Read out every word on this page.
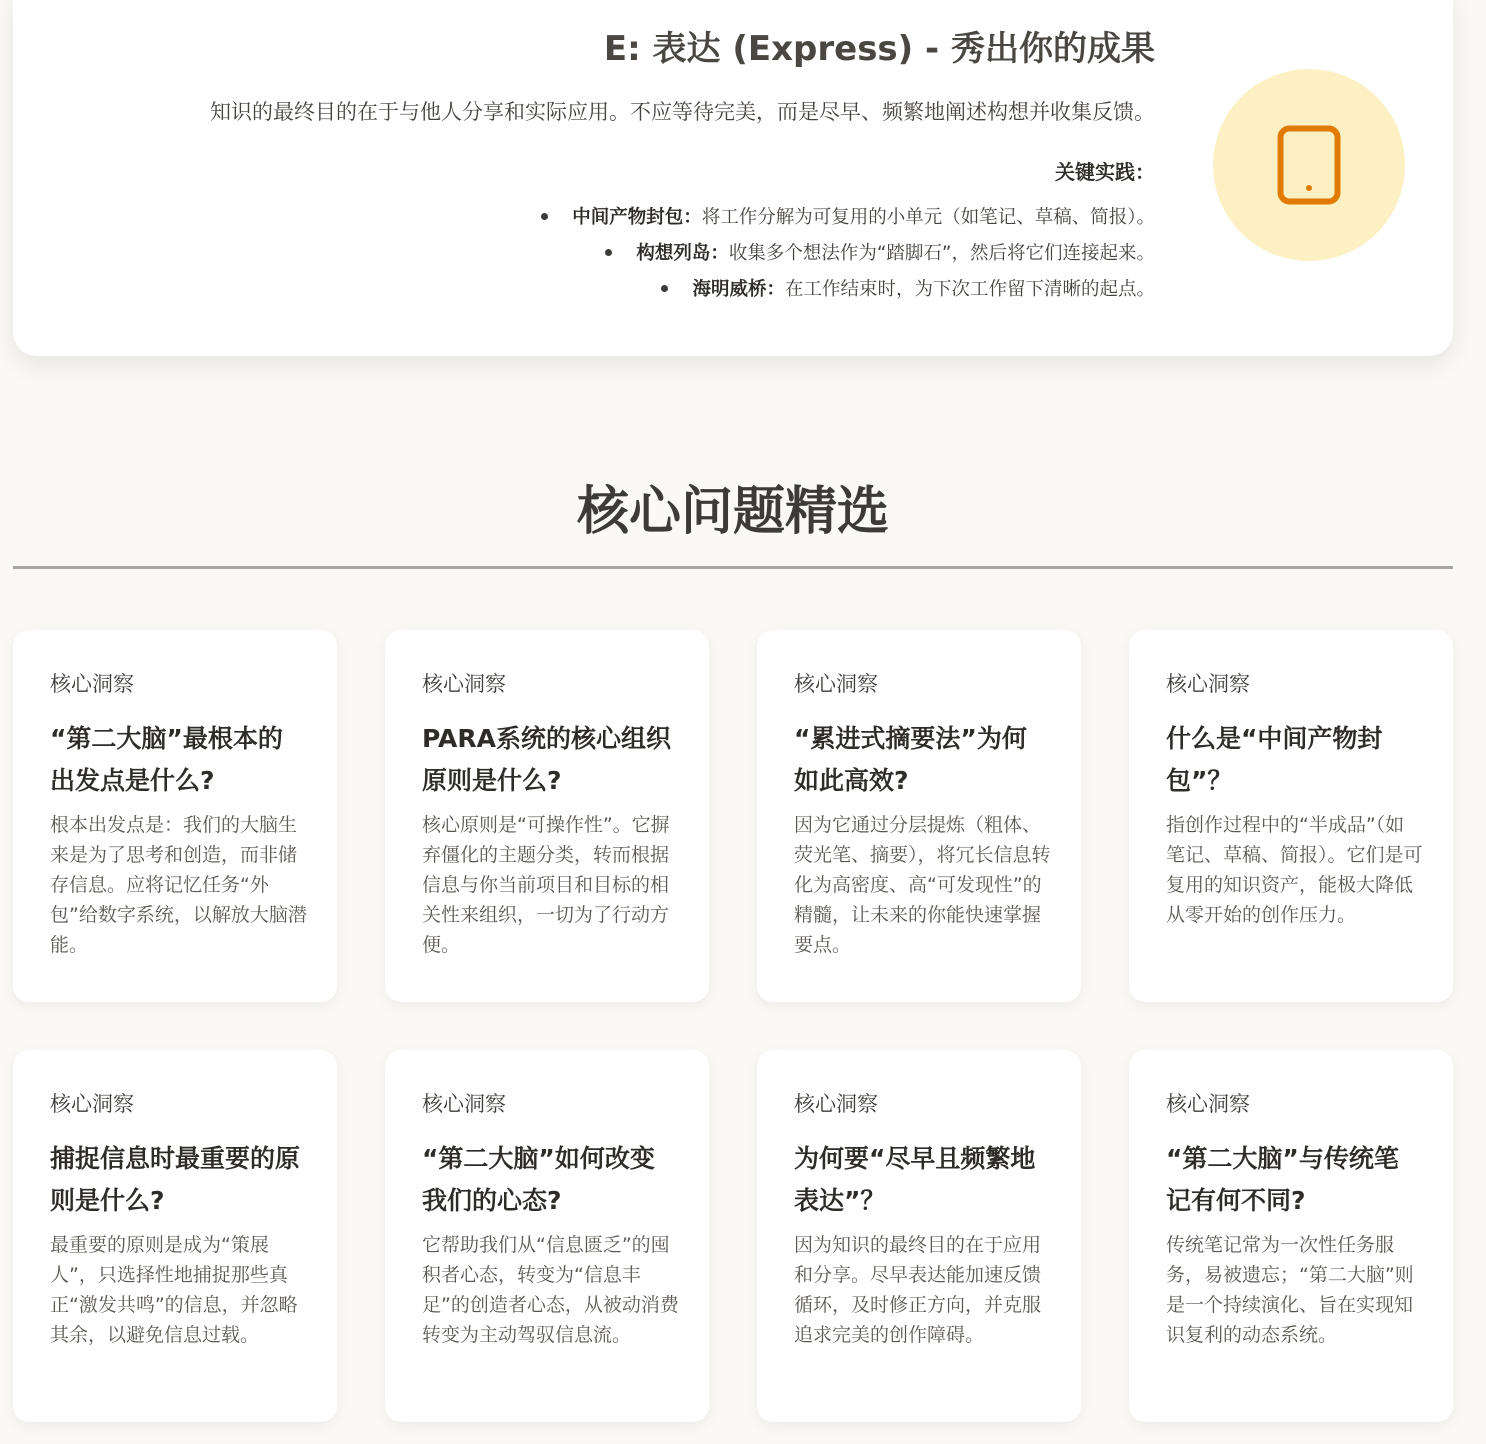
E: 表达 (Express) - 秀出你的成果

知识的最终目的在于与他人分享和实际应用。不应等待完美，而是尽早、频繁地阐述构想并收集反馈。

关键实践：
中间产物封包：将工作分解为可复用的小单元（如笔记、草稿、简报）。
构想列岛：收集多个想法作为“踏脚石”，然后将它们连接起来。
海明威桥：在工作结束时，为下次工作留下清晰的起点。
核心问题精选
核心洞察
“第二大脑”最根本的出发点是什么?

根本出发点是：我们的大脑生来是为了思考和创造，而非储存信息。应将记忆任务“外包”给数字系统，以解放大脑潜能。

核心洞察
PARA系统的核心组织原则是什么?

核心原则是“可操作性”。它摒弃僵化的主题分类，转而根据信息与你当前项目和目标的相关性来组织，一切为了行动方便。

核心洞察
“累进式摘要法”为何如此高效?

因为它通过分层提炼（粗体、荧光笔、摘要），将冗长信息转化为高密度、高“可发现性”的精髓，让未来的你能快速掌握要点。

核心洞察
什么是“中间产物封包”？

指创作过程中的“半成品”（如笔记、草稿、简报）。它们是可复用的知识资产，能极大降低从零开始的创作压力。

核心洞察
捕捉信息时最重要的原则是什么?

最重要的原则是成为“策展人”，只选择性地捕捉那些真正“激发共鸣”的信息，并忽略其余，以避免信息过载。

核心洞察
“第二大脑”如何改变我们的心态?

它帮助我们从“信息匮乏”的囤积者心态，转变为“信息丰足”的创造者心态，从被动消费转变为主动驾驭信息流。

核心洞察
为何要“尽早且频繁地表达”？

因为知识的最终目的在于应用和分享。尽早表达能加速反馈循环，及时修正方向，并克服追求完美的创作障碍。

核心洞察
“第二大脑”与传统笔记有何不同?

传统笔记常为一次性任务服务，易被遗忘；“第二大脑”则是一个持续演化、旨在实现知识复利的动态系统。
